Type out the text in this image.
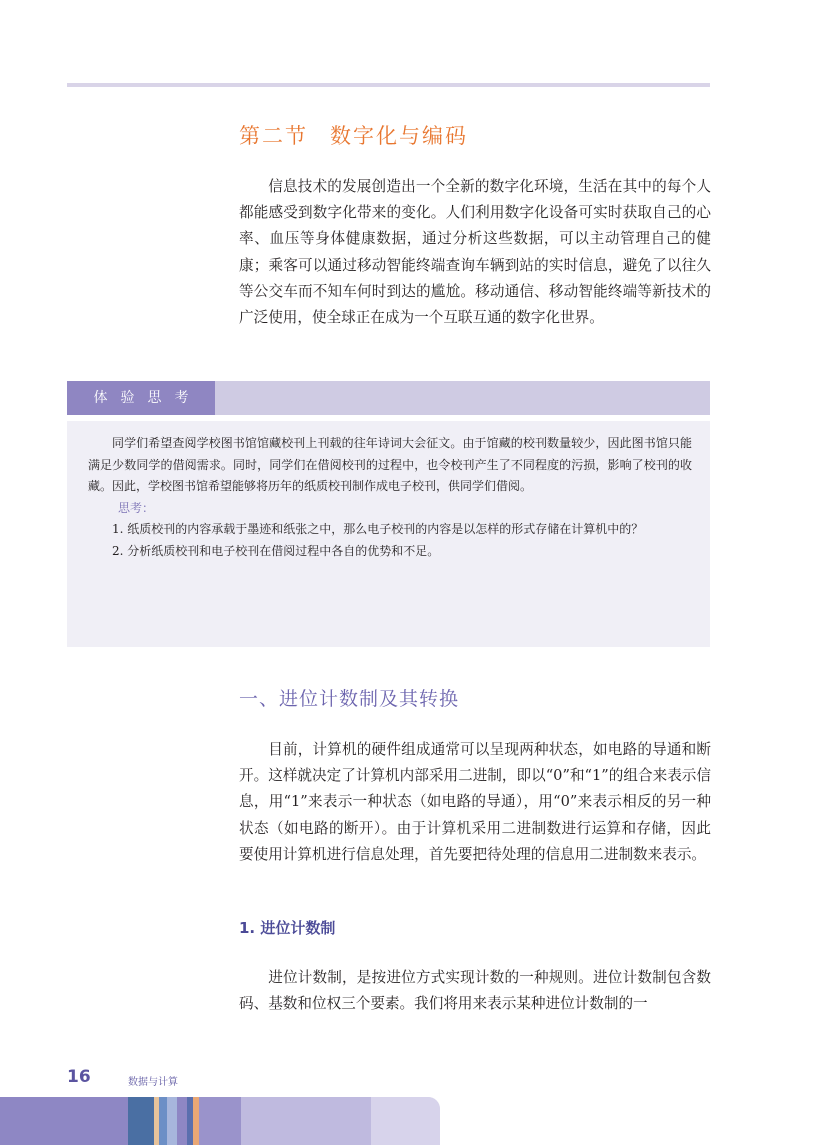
第二节 数字化与编码

信息技术的发展创造出一个全新的数字化环境，生活在其中的每个人都能感受到数字化带来的变化。人们利用数字化设备可实时获取自己的心率、血压等身体健康数据，通过分析这些数据，可以主动管理自己的健康；乘客可以通过移动智能终端查询车辆到站的实时信息，避免了以往久等公交车而不知车何时到达的尴尬。移动通信、移动智能终端等新技术的广泛使用，使全球正在成为一个互联互通的数字化世界。

体验思考

同学们希望查阅学校图书馆馆藏校刊上刊载的往年诗词大会征文。由于馆藏的校刊数量较少，因此图书馆只能满足少数同学的借阅需求。同时，同学们在借阅校刊的过程中，也令校刊产生了不同程度的污损，影响了校刊的收藏。因此，学校图书馆希望能够将历年的纸质校刊制作成电子校刊，供同学们借阅。

思考：

1. 纸质校刊的内容承载于墨迹和纸张之中，那么电子校刊的内容是以怎样的形式存储在计算机中的？

2. 分析纸质校刊和电子校刊在借阅过程中各自的优势和不足。

一、进位计数制及其转换

目前，计算机的硬件组成通常可以呈现两种状态，如电路的导通和断开。这样就决定了计算机内部采用二进制，即以“0”和“1”的组合来表示信息，用“1”来表示一种状态（如电路的导通），用“0”来表示相反的另一种状态（如电路的断开）。由于计算机采用二进制数进行运算和存储，因此要使用计算机进行信息处理，首先要把待处理的信息用二进制数来表示。

1. 进位计数制

进位计数制，是按进位方式实现计数的一种规则。进位计数制包含数码、基数和位权三个要素。我们将用来表示某种进位计数制的一

16	数据与计算
